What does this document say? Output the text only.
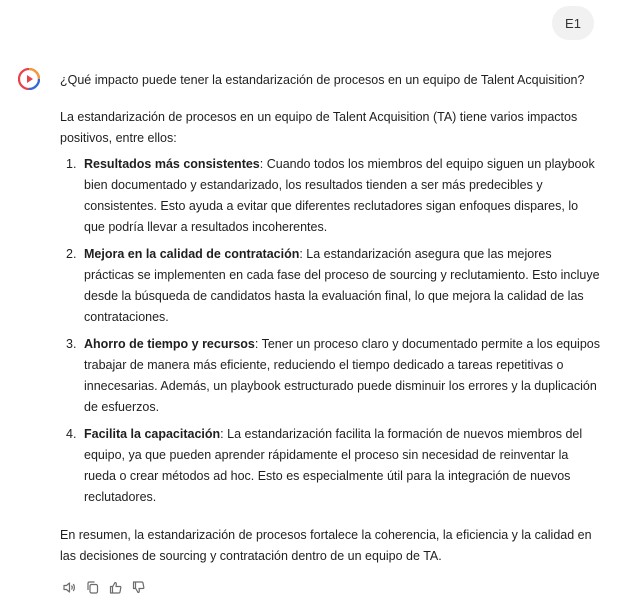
E1

¿Qué impacto puede tener la estandarización de procesos en un equipo de Talent Acquisition?

La estandarización de procesos en un equipo de Talent Acquisition (TA) tiene varios impactos positivos, entre ellos:

1. Resultados más consistentes: Cuando todos los miembros del equipo siguen un playbook bien documentado y estandarizado, los resultados tienden a ser más predecibles y consistentes. Esto ayuda a evitar que diferentes reclutadores sigan enfoques dispares, lo que podría llevar a resultados incoherentes.
2. Mejora en la calidad de contratación: La estandarización asegura que las mejores prácticas se implementen en cada fase del proceso de sourcing y reclutamiento. Esto incluye desde la búsqueda de candidatos hasta la evaluación final, lo que mejora la calidad de las contrataciones.
3. Ahorro de tiempo y recursos: Tener un proceso claro y documentado permite a los equipos trabajar de manera más eficiente, reduciendo el tiempo dedicado a tareas repetitivas o innecesarias. Además, un playbook estructurado puede disminuir los errores y la duplicación de esfuerzos.
4. Facilita la capacitación: La estandarización facilita la formación de nuevos miembros del equipo, ya que pueden aprender rápidamente el proceso sin necesidad de reinventar la rueda o crear métodos ad hoc. Esto es especialmente útil para la integración de nuevos reclutadores.

En resumen, la estandarización de procesos fortalece la coherencia, la eficiencia y la calidad en las decisiones de sourcing y contratación dentro de un equipo de TA.
